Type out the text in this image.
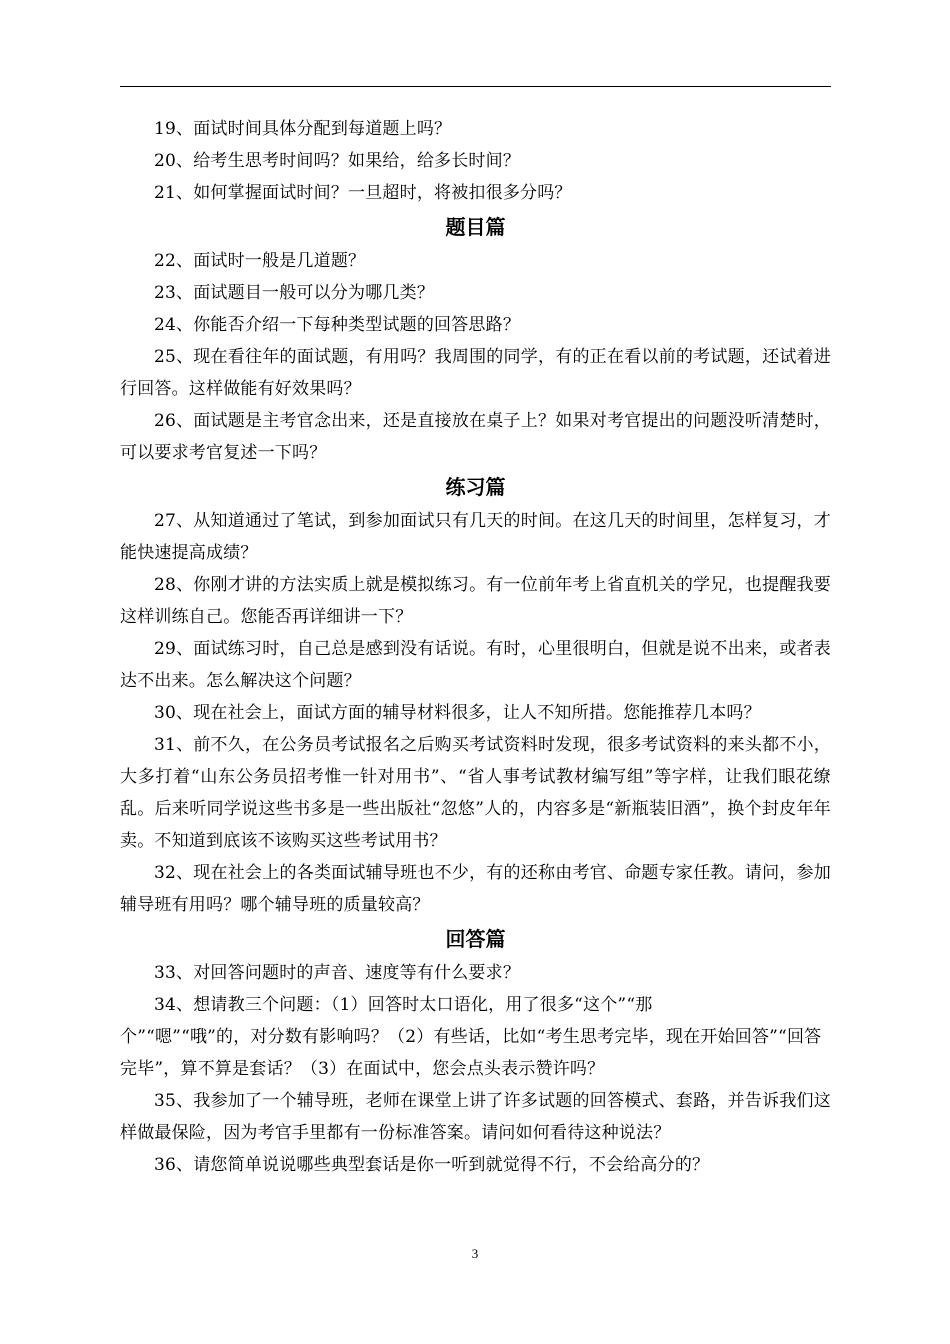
19、面试时间具体分配到每道题上吗？

20、给考生思考时间吗？如果给，给多长时间？

21、如何掌握面试时间？一旦超时，将被扣很多分吗？

题目篇

22、面试时一般是几道题？

23、面试题目一般可以分为哪几类？

24、你能否介绍一下每种类型试题的回答思路？

25、现在看往年的面试题，有用吗？我周围的同学，有的正在看以前的考试题，还试着进行回答。这样做能有好效果吗？

26、面试题是主考官念出来，还是直接放在桌子上？如果对考官提出的问题没听清楚时，可以要求考官复述一下吗？

练习篇

27、从知道通过了笔试，到参加面试只有几天的时间。在这几天的时间里，怎样复习，才能快速提高成绩？

28、你刚才讲的方法实质上就是模拟练习。有一位前年考上省直机关的学兄，也提醒我要这样训练自己。您能否再详细讲一下？

29、面试练习时，自己总是感到没有话说。有时，心里很明白，但就是说不出来，或者表达不出来。怎么解决这个问题？

30、现在社会上，面试方面的辅导材料很多，让人不知所措。您能推荐几本吗？

31、前不久，在公务员考试报名之后购买考试资料时发现，很多考试资料的来头都不小，大多打着“山东公务员招考惟一针对用书”、“省人事考试教材编写组”等字样，让我们眼花缭乱。后来听同学说这些书多是一些出版社“忽悠”人的，内容多是“新瓶装旧酒”，换个封皮年年卖。不知道到底该不该购买这些考试用书？

32、现在社会上的各类面试辅导班也不少，有的还称由考官、命题专家任教。请问，参加辅导班有用吗？哪个辅导班的质量较高？

回答篇

33、对回答问题时的声音、速度等有什么要求？

34、想请教三个问题：（1）回答时太口语化，用了很多“这个”“那

个”“嗯”“哦”的，对分数有影响吗？（2）有些话，比如“考生思考完毕，现在开始回答”“回答完毕”，算不算是套话？（3）在面试中，您会点头表示赞许吗？

35、我参加了一个辅导班，老师在课堂上讲了许多试题的回答模式、套路，并告诉我们这样做最保险，因为考官手里都有一份标准答案。请问如何看待这种说法？

36、请您简单说说哪些典型套话是你一听到就觉得不行，不会给高分的？

3
